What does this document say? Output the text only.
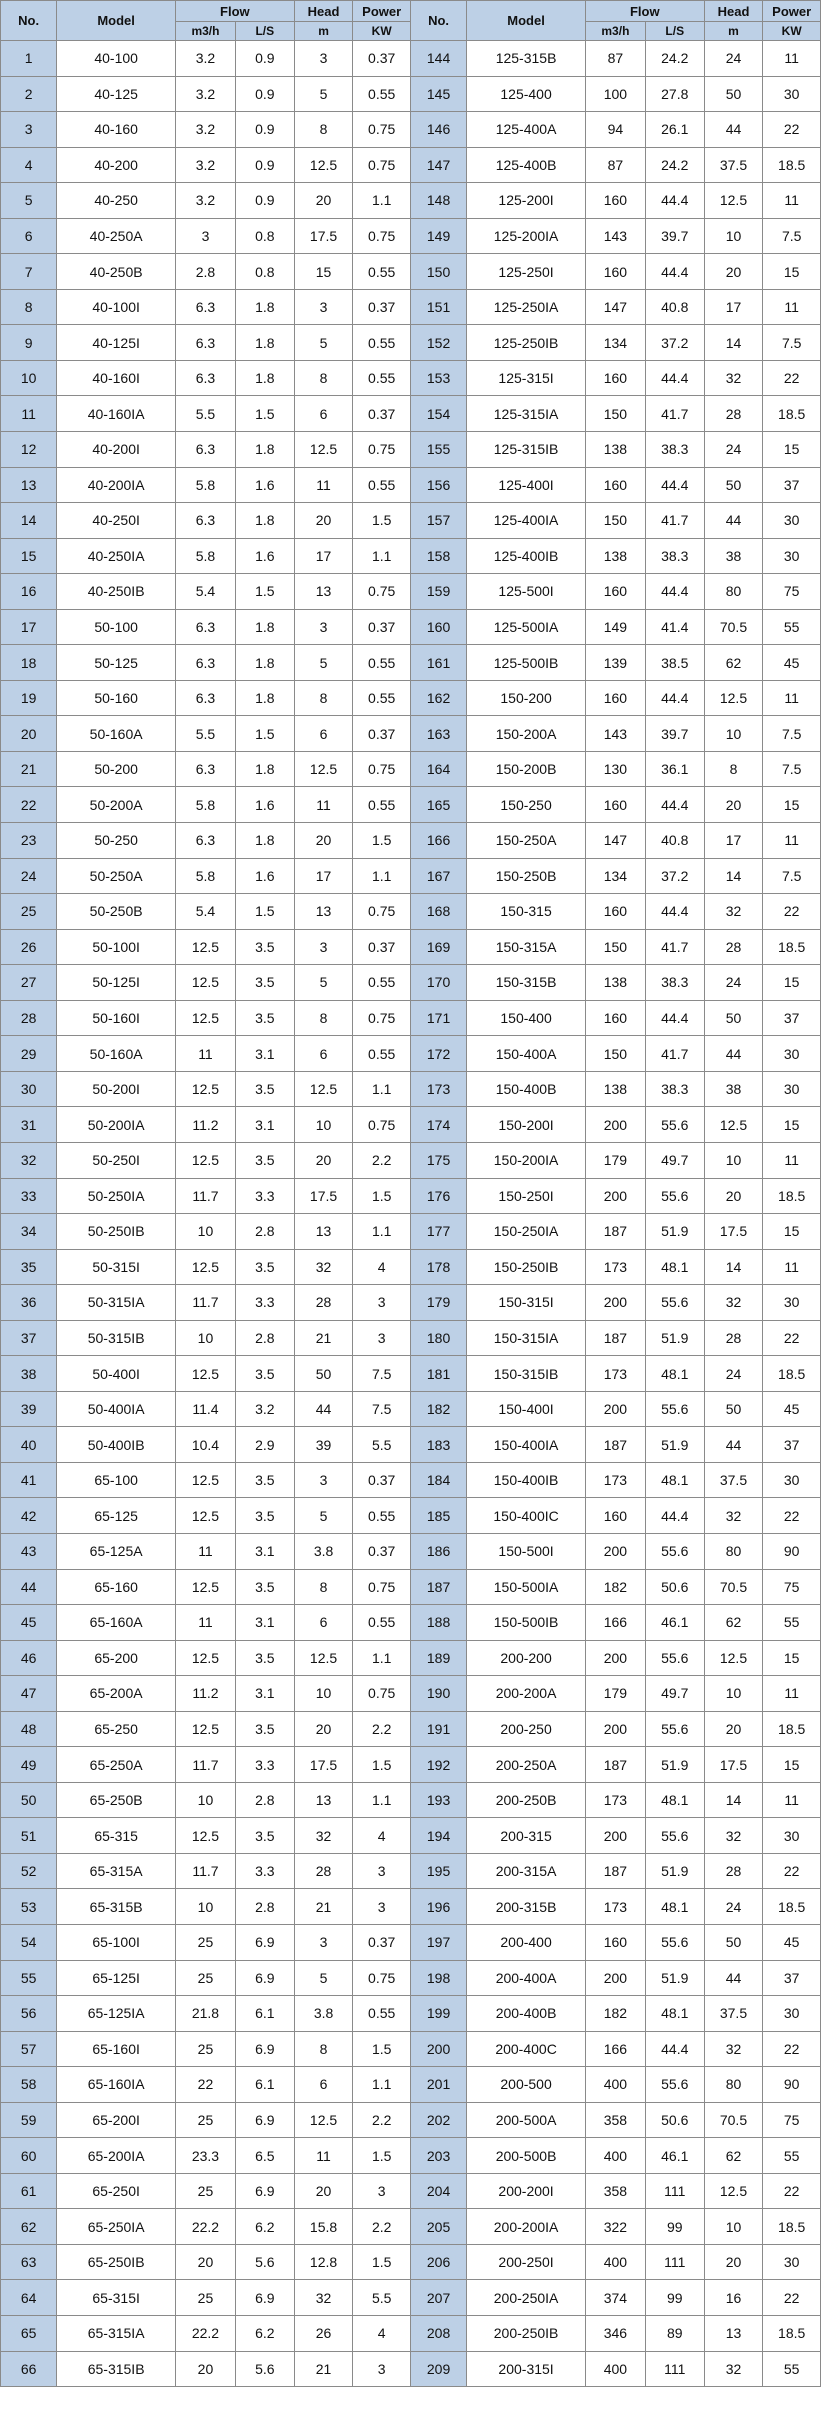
No.	Model	Flow		Head	Power	No.	Model	Flow		Head	Power
		m3/h	L/S	m	KW			m3/h	L/S	m	KW
1	40-100	3.2	0.9	3	0.37	144	125-315B	87	24.2	24	11
2	40-125	3.2	0.9	5	0.55	145	125-400	100	27.8	50	30
3	40-160	3.2	0.9	8	0.75	146	125-400A	94	26.1	44	22
4	40-200	3.2	0.9	12.5	0.75	147	125-400B	87	24.2	37.5	18.5
5	40-250	3.2	0.9	20	1.1	148	125-200I	160	44.4	12.5	11
6	40-250A	3	0.8	17.5	0.75	149	125-200IA	143	39.7	10	7.5
7	40-250B	2.8	0.8	15	0.55	150	125-250I	160	44.4	20	15
8	40-100I	6.3	1.8	3	0.37	151	125-250IA	147	40.8	17	11
9	40-125I	6.3	1.8	5	0.55	152	125-250IB	134	37.2	14	7.5
10	40-160I	6.3	1.8	8	0.55	153	125-315I	160	44.4	32	22
11	40-160IA	5.5	1.5	6	0.37	154	125-315IA	150	41.7	28	18.5
12	40-200I	6.3	1.8	12.5	0.75	155	125-315IB	138	38.3	24	15
13	40-200IA	5.8	1.6	11	0.55	156	125-400I	160	44.4	50	37
14	40-250I	6.3	1.8	20	1.5	157	125-400IA	150	41.7	44	30
15	40-250IA	5.8	1.6	17	1.1	158	125-400IB	138	38.3	38	30
16	40-250IB	5.4	1.5	13	0.75	159	125-500I	160	44.4	80	75
17	50-100	6.3	1.8	3	0.37	160	125-500IA	149	41.4	70.5	55
18	50-125	6.3	1.8	5	0.55	161	125-500IB	139	38.5	62	45
19	50-160	6.3	1.8	8	0.55	162	150-200	160	44.4	12.5	11
20	50-160A	5.5	1.5	6	0.37	163	150-200A	143	39.7	10	7.5
21	50-200	6.3	1.8	12.5	0.75	164	150-200B	130	36.1	8	7.5
22	50-200A	5.8	1.6	11	0.55	165	150-250	160	44.4	20	15
23	50-250	6.3	1.8	20	1.5	166	150-250A	147	40.8	17	11
24	50-250A	5.8	1.6	17	1.1	167	150-250B	134	37.2	14	7.5
25	50-250B	5.4	1.5	13	0.75	168	150-315	160	44.4	32	22
26	50-100I	12.5	3.5	3	0.37	169	150-315A	150	41.7	28	18.5
27	50-125I	12.5	3.5	5	0.55	170	150-315B	138	38.3	24	15
28	50-160I	12.5	3.5	8	0.75	171	150-400	160	44.4	50	37
29	50-160A	11	3.1	6	0.55	172	150-400A	150	41.7	44	30
30	50-200I	12.5	3.5	12.5	1.1	173	150-400B	138	38.3	38	30
31	50-200IA	11.2	3.1	10	0.75	174	150-200I	200	55.6	12.5	15
32	50-250I	12.5	3.5	20	2.2	175	150-200IA	179	49.7	10	11
33	50-250IA	11.7	3.3	17.5	1.5	176	150-250I	200	55.6	20	18.5
34	50-250IB	10	2.8	13	1.1	177	150-250IA	187	51.9	17.5	15
35	50-315I	12.5	3.5	32	4	178	150-250IB	173	48.1	14	11
36	50-315IA	11.7	3.3	28	3	179	150-315I	200	55.6	32	30
37	50-315IB	10	2.8	21	3	180	150-315IA	187	51.9	28	22
38	50-400I	12.5	3.5	50	7.5	181	150-315IB	173	48.1	24	18.5
39	50-400IA	11.4	3.2	44	7.5	182	150-400I	200	55.6	50	45
40	50-400IB	10.4	2.9	39	5.5	183	150-400IA	187	51.9	44	37
41	65-100	12.5	3.5	3	0.37	184	150-400IB	173	48.1	37.5	30
42	65-125	12.5	3.5	5	0.55	185	150-400IC	160	44.4	32	22
43	65-125A	11	3.1	3.8	0.37	186	150-500I	200	55.6	80	90
44	65-160	12.5	3.5	8	0.75	187	150-500IA	182	50.6	70.5	75
45	65-160A	11	3.1	6	0.55	188	150-500IB	166	46.1	62	55
46	65-200	12.5	3.5	12.5	1.1	189	200-200	200	55.6	12.5	15
47	65-200A	11.2	3.1	10	0.75	190	200-200A	179	49.7	10	11
48	65-250	12.5	3.5	20	2.2	191	200-250	200	55.6	20	18.5
49	65-250A	11.7	3.3	17.5	1.5	192	200-250A	187	51.9	17.5	15
50	65-250B	10	2.8	13	1.1	193	200-250B	173	48.1	14	11
51	65-315	12.5	3.5	32	4	194	200-315	200	55.6	32	30
52	65-315A	11.7	3.3	28	3	195	200-315A	187	51.9	28	22
53	65-315B	10	2.8	21	3	196	200-315B	173	48.1	24	18.5
54	65-100I	25	6.9	3	0.37	197	200-400	160	55.6	50	45
55	65-125I	25	6.9	5	0.75	198	200-400A	200	51.9	44	37
56	65-125IA	21.8	6.1	3.8	0.55	199	200-400B	182	48.1	37.5	30
57	65-160I	25	6.9	8	1.5	200	200-400C	166	44.4	32	22
58	65-160IA	22	6.1	6	1.1	201	200-500	400	55.6	80	90
59	65-200I	25	6.9	12.5	2.2	202	200-500A	358	50.6	70.5	75
60	65-200IA	23.3	6.5	11	1.5	203	200-500B	400	46.1	62	55
61	65-250I	25	6.9	20	3	204	200-200I	358	111	12.5	22
62	65-250IA	22.2	6.2	15.8	2.2	205	200-200IA	322	99	10	18.5
63	65-250IB	20	5.6	12.8	1.5	206	200-250I	400	111	20	30
64	65-315I	25	6.9	32	5.5	207	200-250IA	374	99	16	22
65	65-315IA	22.2	6.2	26	4	208	200-250IB	346	89	13	18.5
66	65-315IB	20	5.6	21	3	209	200-315I	400	111	32	55
